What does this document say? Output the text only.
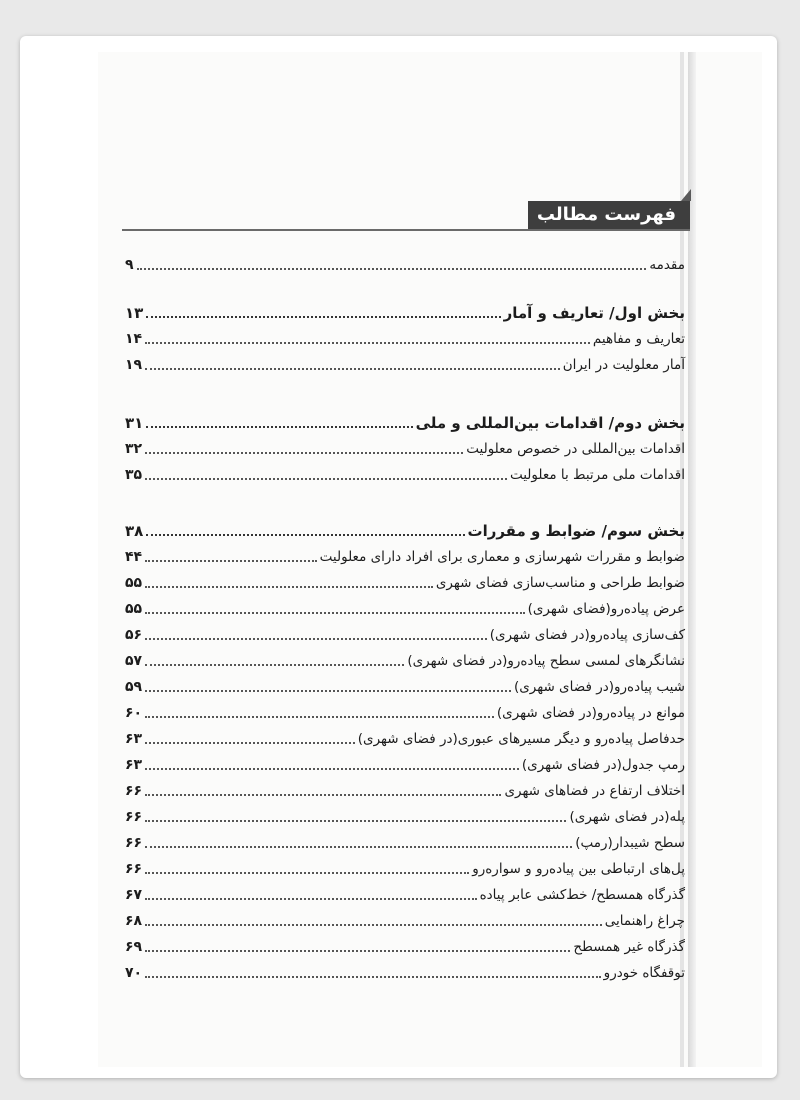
فهرست مطالب
مقدمه
۹
بخش اول/ تعاریف و آمار
۱۳
تعاریف و مفاهیم
۱۴
آمار معلولیت در ایران
۱۹
بخش دوم/ اقدامات بین‌المللی و ملی
۳۱
اقدامات بین‌المللی در خصوص معلولیت
۳۲
اقدامات ملی مرتبط با معلولیت
۳۵
بخش سوم/ ضوابط و مقررات
۳۸
ضوابط و مقررات شهرسازی و معماری برای افراد دارای معلولیت
۴۴
ضوابط طراحی و مناسب‌سازی فضای شهری
۵۵
عرض پیاده‌رو(فضای شهری)
۵۵
کف‌سازی پیاده‌رو(در فضای شهری)
۵۶
نشانگرهای لمسی سطح پیاده‌رو(در فضای شهری)
۵۷
شیب پیاده‌رو(در فضای شهری)
۵۹
موانع در پیاده‌رو(در فضای شهری)
۶۰
حدفاصل پیاده‌رو و دیگر مسیرهای عبوری(در فضای شهری)
۶۳
رمپ جدول(در فضای شهری)
۶۳
اختلاف ارتفاع در فضاهای شهری
۶۶
پله(در فضای شهری)
۶۶
سطح شیبدار(رمپ)
۶۶
پل‌های ارتباطی بین پیاده‌رو و سواره‌رو
۶۶
گذرگاه همسطح/ خط‌کشی عابر پیاده
۶۷
چراغ راهنمایی
۶۸
گذرگاه غیر همسطح
۶۹
توقفگاه خودرو
۷۰
